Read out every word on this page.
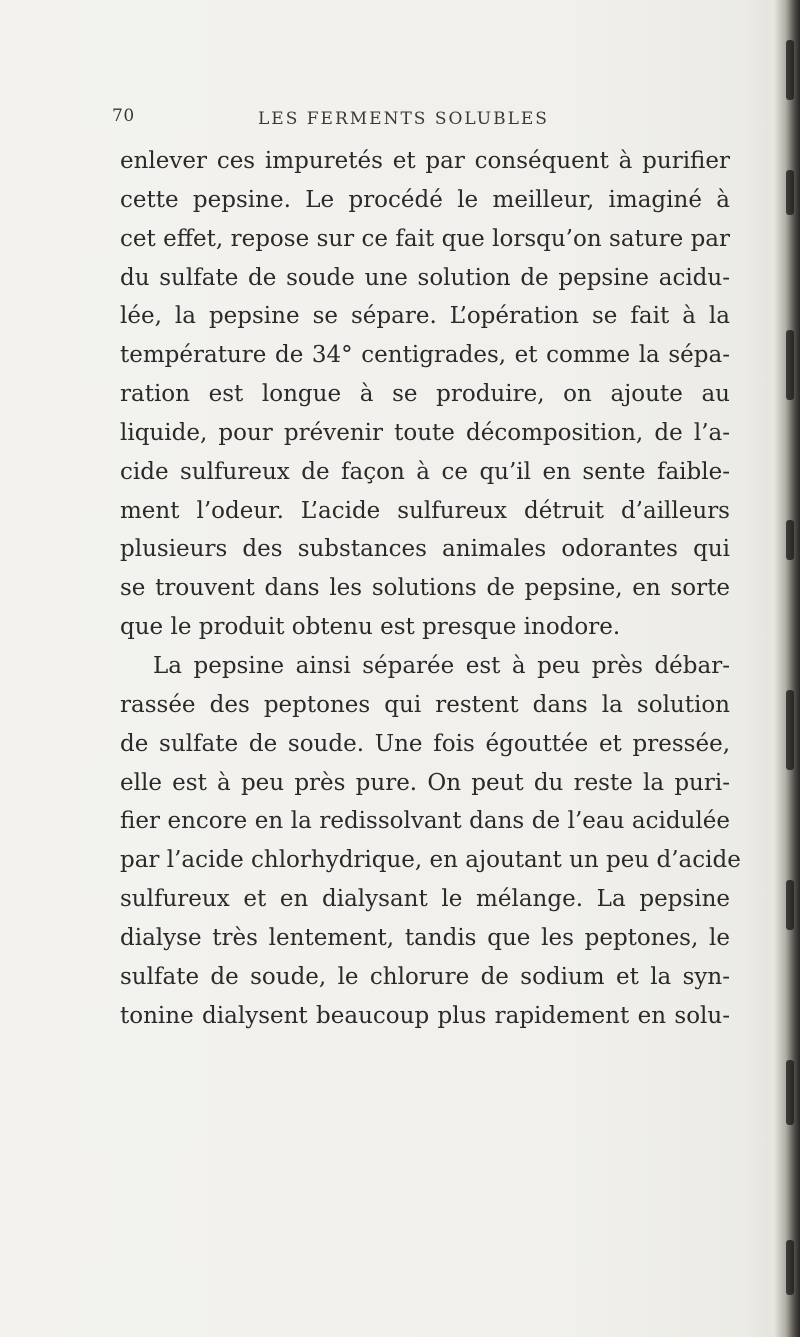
70	LES FERMENTS SOLUBLES
enlever ces impuretés et par conséquent à purifier
cette pepsine. Le procédé le meilleur, imaginé à
cet effet, repose sur ce fait que lorsqu’on sature par
du sulfate de soude une solution de pepsine acidu-
lée, la pepsine se sépare. L’opération se fait à la
température de 34° centigrades, et comme la sépa-
ration est longue à se produire, on ajoute au
liquide, pour prévenir toute décomposition, de l’a-
cide sulfureux de façon à ce qu’il en sente faible-
ment l’odeur. L’acide sulfureux détruit d’ailleurs
plusieurs des substances animales odorantes qui
se trouvent dans les solutions de pepsine, en sorte
que le produit obtenu est presque inodore.
La pepsine ainsi séparée est à peu près débar-
rassée des peptones qui restent dans la solution
de sulfate de soude. Une fois égouttée et pressée,
elle est à peu près pure. On peut du reste la puri-
fier encore en la redissolvant dans de l’eau acidulée
par l’acide chlorhydrique, en ajoutant un peu d’acide
sulfureux et en dialysant le mélange. La pepsine
dialyse très lentement, tandis que les peptones, le
sulfate de soude, le chlorure de sodium et la syn-
tonine dialysent beaucoup plus rapidement en solu-
